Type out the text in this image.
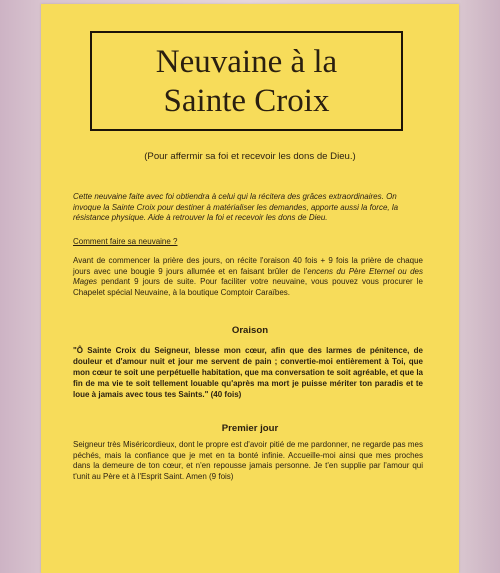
Neuvaine à la
Sainte Croix
(Pour affermir sa foi et recevoir les dons de Dieu.)
Cette neuvaine faite avec foi obtiendra à celui qui la récitera des grâces extraordinaires. On invoque la Sainte Croix pour destiner à matérialiser les demandes, apporte aussi la force, la résistance physique. Aide à retrouver la foi et recevoir les dons de Dieu.
Comment faire sa neuvaine ?
Avant de commencer la prière des jours, on récite l'oraison 40 fois + 9 fois la prière de chaque jours avec une bougie 9 jours allumée et en faisant brûler de l'encens du Père Eternel ou des Mages pendant 9 jours de suite. Pour faciliter votre neuvaine, vous pouvez vous procurer le Chapelet spécial Neuvaine, à la boutique Comptoir Caraïbes.
Oraison
"Ô Sainte Croix du Seigneur, blesse mon cœur, afin que des larmes de pénitence, de douleur et d'amour nuit et jour me servent de pain ; convertie-moi entièrement à Toi, que mon cœur te soit une perpétuelle habitation, que ma conversation te soit agréable, et que la fin de ma vie te soit tellement louable qu'après ma mort je puisse mériter ton paradis et te loue à jamais avec tous tes Saints." (40 fois)
Premier jour
Seigneur très Miséricordieux, dont le propre est d'avoir pitié de me pardonner, ne regarde pas mes péchés, mais la confiance que je met en ta bonté infinie. Accueille-moi ainsi que mes proches dans la demeure de ton cœur, et n'en repousse jamais personne. Je t'en supplie par l'amour qui t'unit au Père et à l'Esprit Saint. Amen (9 fois)
